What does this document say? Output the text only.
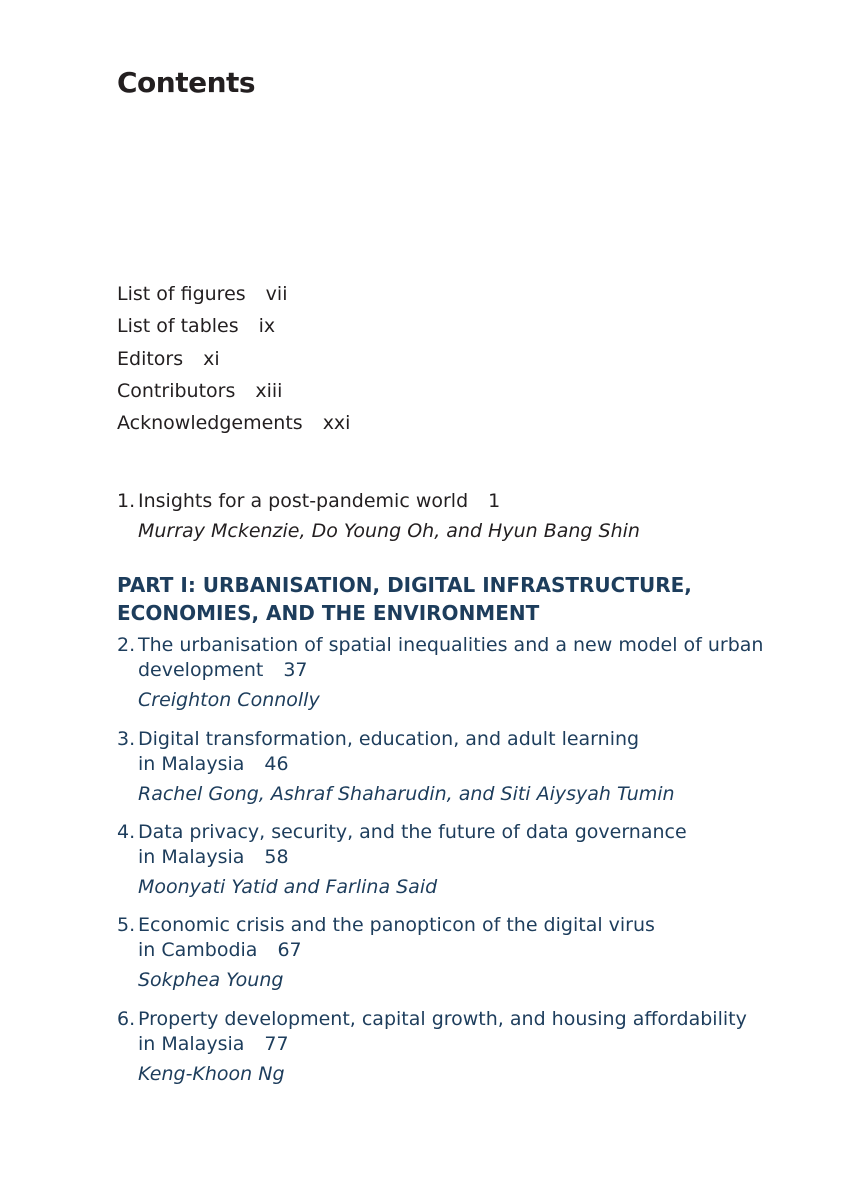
Contents
List of figures vii
List of tables ix
Editors xi
Contributors xiii
Acknowledgements xxi
1. Insights for a post-pandemic world 1
Murray Mckenzie, Do Young Oh, and Hyun Bang Shin
PART I: URBANISATION, DIGITAL INFRASTRUCTURE,
ECONOMIES, AND THE ENVIRONMENT
2. The urbanisation of spatial inequalities and a new model of urban
development 37
Creighton Connolly
3. Digital transformation, education, and adult learning
in Malaysia 46
Rachel Gong, Ashraf Shaharudin, and Siti Aiysyah Tumin
4. Data privacy, security, and the future of data governance
in Malaysia 58
Moonyati Yatid and Farlina Said
5. Economic crisis and the panopticon of the digital virus
in Cambodia 67
Sokphea Young
6. Property development, capital growth, and housing affordability
in Malaysia 77
Keng-Khoon Ng
